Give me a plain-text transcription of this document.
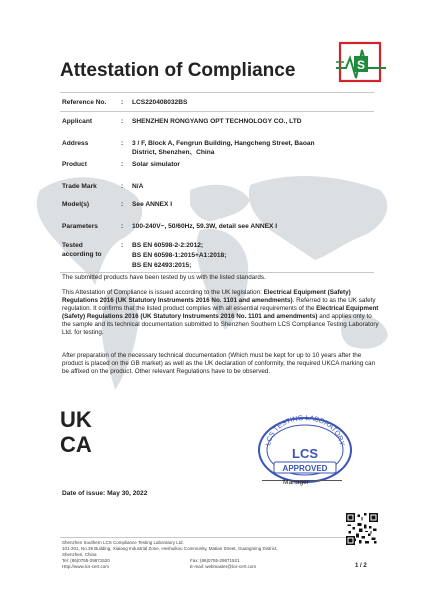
Attestation of Compliance	S
Reference No. : LCS220408032BS
Applicant	: SHENZHEN RONGYANG OPT TECHNOLOGY CO., LTD
Address	: 3 / F, Block A, Fengrun Building, Hangcheng Street, Baoan
District, Shenzhen、China
Product	: Solar simulator
Trade Mark	: N/A
Model(s)	: See ANNEX I
Parameters	: 100-240V~, 50/60Hz, 59.3W, detail see ANNEX I
Tested
according to
: BS EN 60598-2-2:2012;
BS EN 60598-1:2015+A1:2018;
BS EN 62493:2015;
The submitted products have been tested by us with the listed standards.
This Attestation of Compliance is issued according to the UK legislation: Electrical Equipment (Safety) Regulations 2016 (UK Statutory Instruments 2016 No. 1101 and amendments). Referred to as the UK safety regulation. It confirms that the listed product complies with all essential requirements of the Electrical Equipment (Safety) Regulations 2016 (UK Statutory Instruments 2016 No. 1101 and amendments) and applies only to the sample and its technical documentation submitted to Shenzhen Southern LCS Compliance Testing Laboratory Ltd. for testing.
After preparation of the necessary technical documentation (Which must be kept for up to 10 years after the product is placed on the GB market) as well as the UK declaration of conformity, the required UKCA marking can be affixed on the product. Other relevant Regulations have to be observed.
UK
CA	LCS TESTING LABORATORY
LCS
APPROVED
Manager
Date of issue: May 30, 2022
Shenzhen Southern LCS Compliance Testing Laboratory Ltd.
101-201, No.39 Building, Xiaiang Industrial Zone, Heshuikou Community, Matian Street, Guangming District,
Shenzhen, China
Tel: (86)0755-29871520	Fax: (86)0755-29871521
Http://www.lcs-cert.com	E-mail: webmaster@lcs-cert.com	1 / 2
